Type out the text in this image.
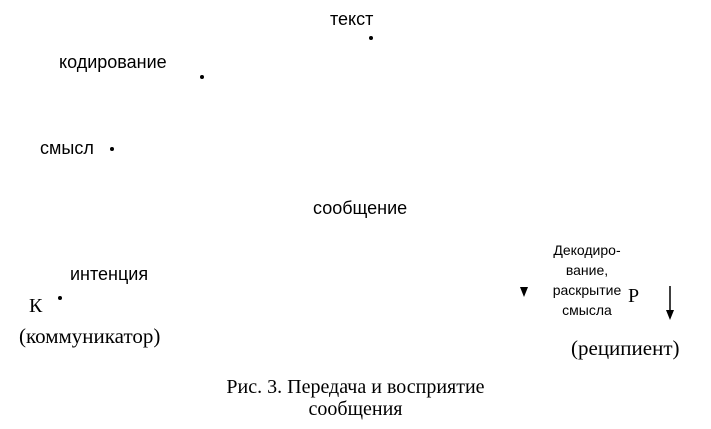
текст
кодирование
смысл
сообщение
интенция
К
(коммуникатор)
Декодиро-
вание,
раскрытие
смысла
Р
(реципиент)
Рис. 3. Передача и восприятие
сообщения
